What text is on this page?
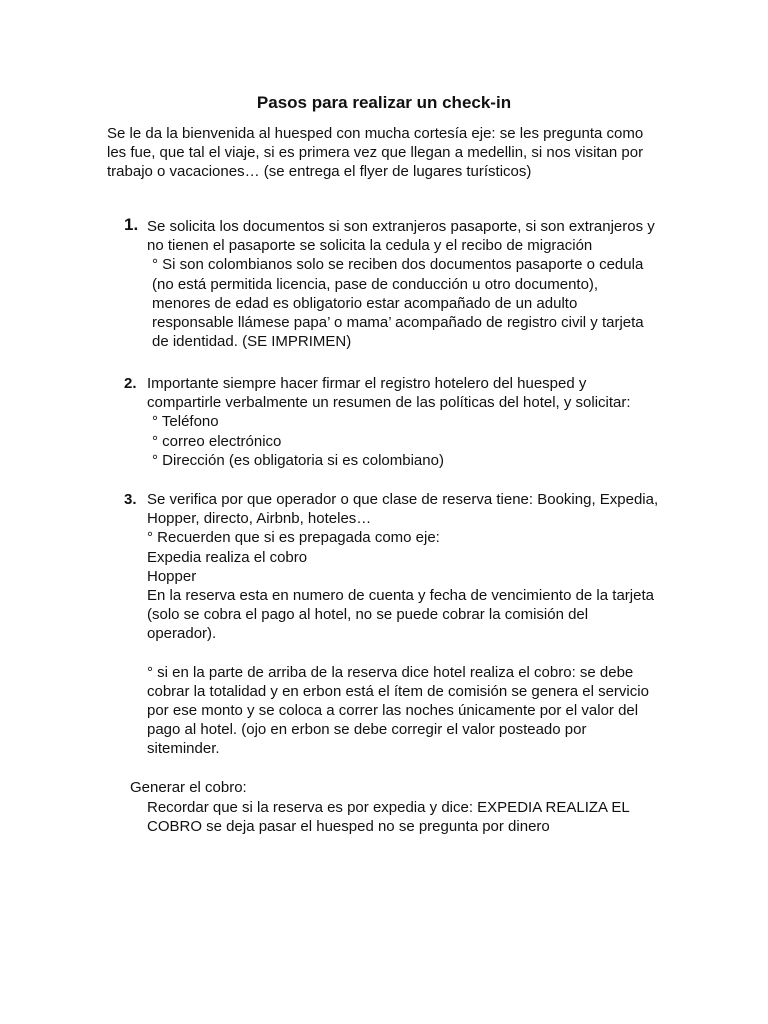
Pasos para realizar un check-in
Se le da la bienvenida al huesped con mucha cortesía eje: se les pregunta como
les fue, que tal el viaje, si es primera vez que llegan a medellin, si nos visitan por
trabajo o vacaciones… (se entrega el flyer de lugares turísticos)
1. Se solicita los documentos si son extranjeros pasaporte, si son extranjeros y
no tienen el pasaporte se solicita la cedula y el recibo de migración
° Si son colombianos solo se reciben dos documentos pasaporte o cedula
(no está permitida licencia, pase de conducción u otro documento),
menores de edad es obligatorio estar acompañado de un adulto
responsable llámese papa’ o mama’ acompañado de registro civil y tarjeta
de identidad. (SE IMPRIMEN)
2. Importante siempre hacer firmar el registro hotelero del huesped y
compartirle verbalmente un resumen de las políticas del hotel, y solicitar:
° Teléfono
° correo electrónico
° Dirección (es obligatoria si es colombiano)
3. Se verifica por que operador o que clase de reserva tiene: Booking, Expedia,
Hopper, directo, Airbnb, hoteles…
° Recuerden que si es prepagada como eje:
Expedia realiza el cobro
Hopper
En la reserva esta en numero de cuenta y fecha de vencimiento de la tarjeta
(solo se cobra el pago al hotel, no se puede cobrar la comisión del
operador).
° si en la parte de arriba de la reserva dice hotel realiza el cobro: se debe
cobrar la totalidad y en erbon está el ítem de comisión se genera el servicio
por ese monto y se coloca a correr las noches únicamente por el valor del
pago al hotel. (ojo en erbon se debe corregir el valor posteado por
siteminder.
Generar el cobro:
Recordar que si la reserva es por expedia y dice: EXPEDIA REALIZA EL
COBRO se deja pasar el huesped no se pregunta por dinero
